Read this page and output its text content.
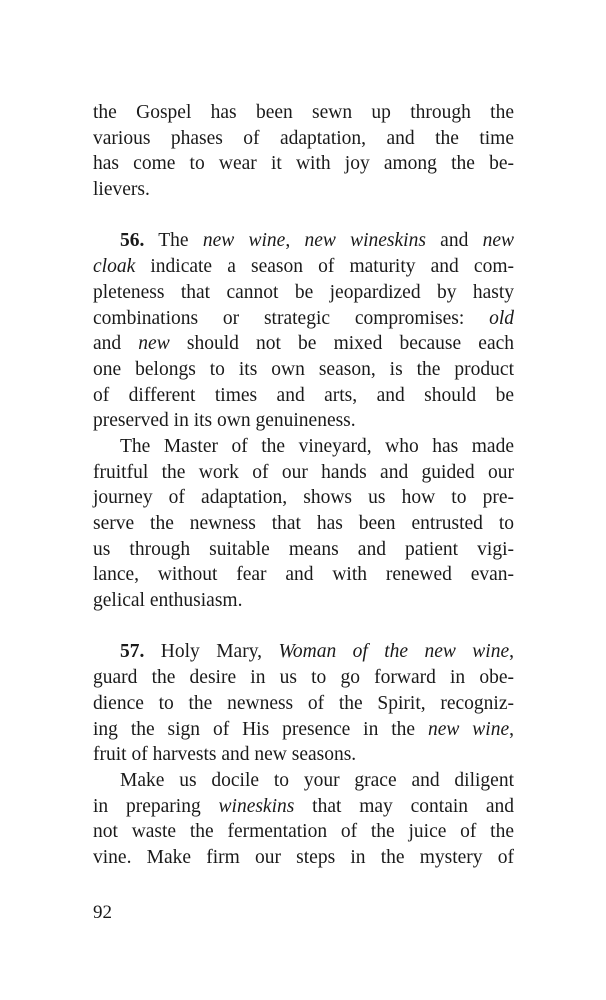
the Gospel has been sewn up through the
various phases of adaptation, and the time
has come to wear it with joy among the be-
lievers.
56. The new wine, new wineskins and new
cloak indicate a season of maturity and com-
pleteness that cannot be jeopardized by hasty
combinations or strategic compromises: old
and new should not be mixed because each
one belongs to its own season, is the product
of different times and arts, and should be
preserved in its own genuineness.
The Master of the vineyard, who has made
fruitful the work of our hands and guided our
journey of adaptation, shows us how to pre-
serve the newness that has been entrusted to
us through suitable means and patient vigi-
lance, without fear and with renewed evan-
gelical enthusiasm.
57. Holy Mary, Woman of the new wine,
guard the desire in us to go forward in obe-
dience to the newness of the Spirit, recogniz-
ing the sign of His presence in the new wine,
fruit of harvests and new seasons.
Make us docile to your grace and diligent
in preparing wineskins that may contain and
not waste the fermentation of the juice of the
vine. Make firm our steps in the mystery of
92
